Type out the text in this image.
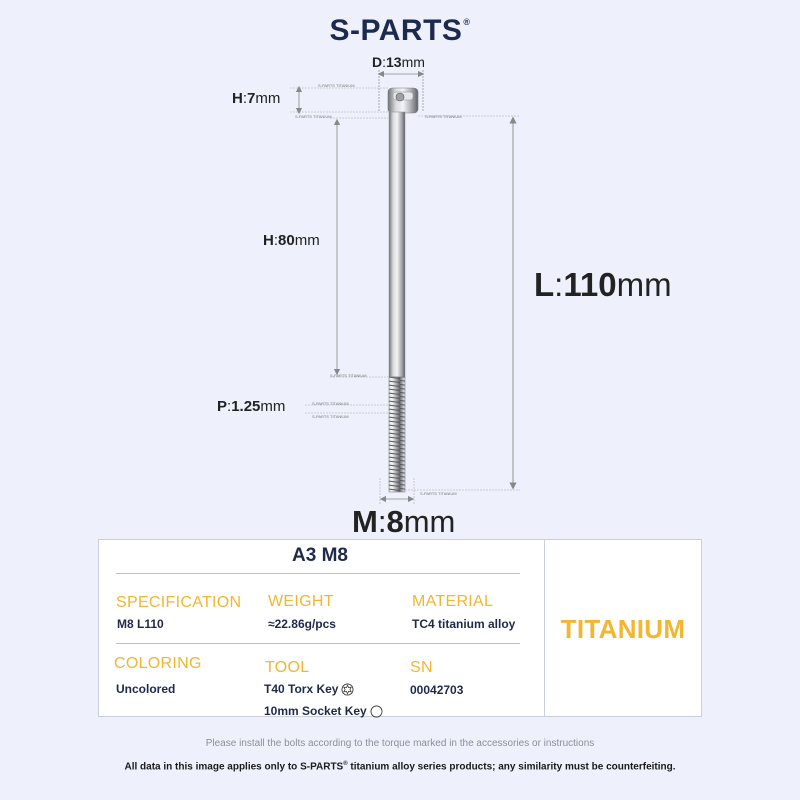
S-PARTS®
S-PARTS TITANIUM
S-PARTS TITANIUM	S-PARTS TITANIUM
S-PARTS TITANIUM
S-PARTS TITANIUM
S-PARTS TITANIUM
S-PARTS TITANIUM
D:13mm
H:7mm
H:80mm
P:1.25mm
L:110mm
M:8mm
A3 M8
SPECIFICATION
M8 L110
WEIGHT
≈22.86g/pcs
MATERIAL
TC4 titanium alloy
COLORING
Uncolored
TOOL
T40 Torx Key
10mm Socket Key
SN
00042703
TITANIUM
Please install the bolts according to the torque marked in the accessories or instructions
All data in this image applies only to S-PARTS® titanium alloy series products; any similarity must be counterfeiting.
